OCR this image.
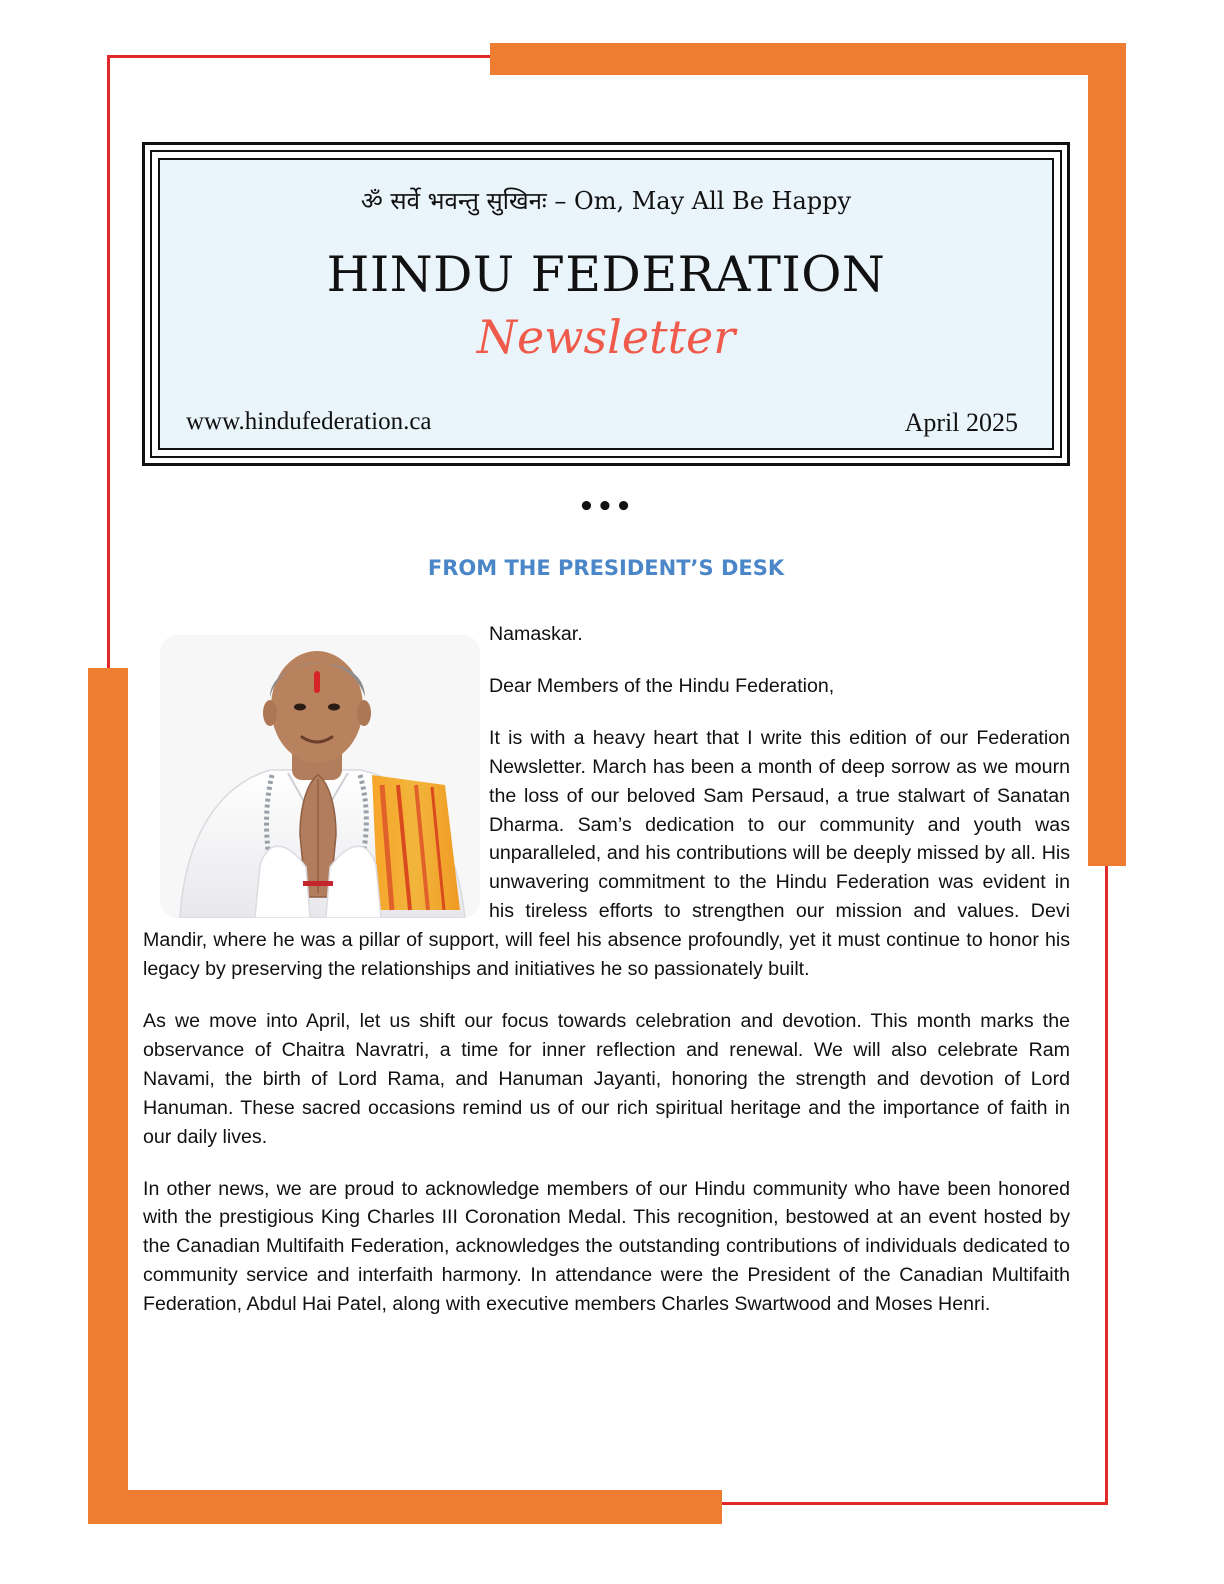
ॐ सर्वे भवन्तु सुखिनः – Om, May All Be Happy
HINDU FEDERATION
Newsletter
www.hindufederation.ca	April 2025
•••
FROM THE PRESIDENT’S DESK

Namaskar.

Dear Members of the Hindu Federation,

It is with a heavy heart that I write this edition of our Federation Newsletter. March has been a month of deep sorrow as we mourn the loss of our beloved Sam Persaud, a true stalwart of Sanatan Dharma. Sam’s dedication to our community and youth was unparalleled, and his contributions will be deeply missed by all. His unwavering commitment to the Hindu Federation was evident in his tireless efforts to strengthen our mission and values. Devi Mandir, where he was a pillar of support, will feel his absence profoundly, yet it must continue to honor his legacy by preserving the relationships and initiatives he so passionately built.

As we move into April, let us shift our focus towards celebration and devotion. This month marks the observance of Chaitra Navratri, a time for inner reflection and renewal. We will also celebrate Ram Navami, the birth of Lord Rama, and Hanuman Jayanti, honoring the strength and devotion of Lord Hanuman. These sacred occasions remind us of our rich spiritual heritage and the importance of faith in our daily lives.

In other news, we are proud to acknowledge members of our Hindu community who have been honored with the prestigious King Charles III Coronation Medal. This recognition, bestowed at an event hosted by the Canadian Multifaith Federation, acknowledges the outstanding contributions of individuals dedicated to community service and interfaith harmony. In attendance were the President of the Canadian Multifaith Federation, Abdul Hai Patel, along with executive members Charles Swartwood and Moses Henri.
